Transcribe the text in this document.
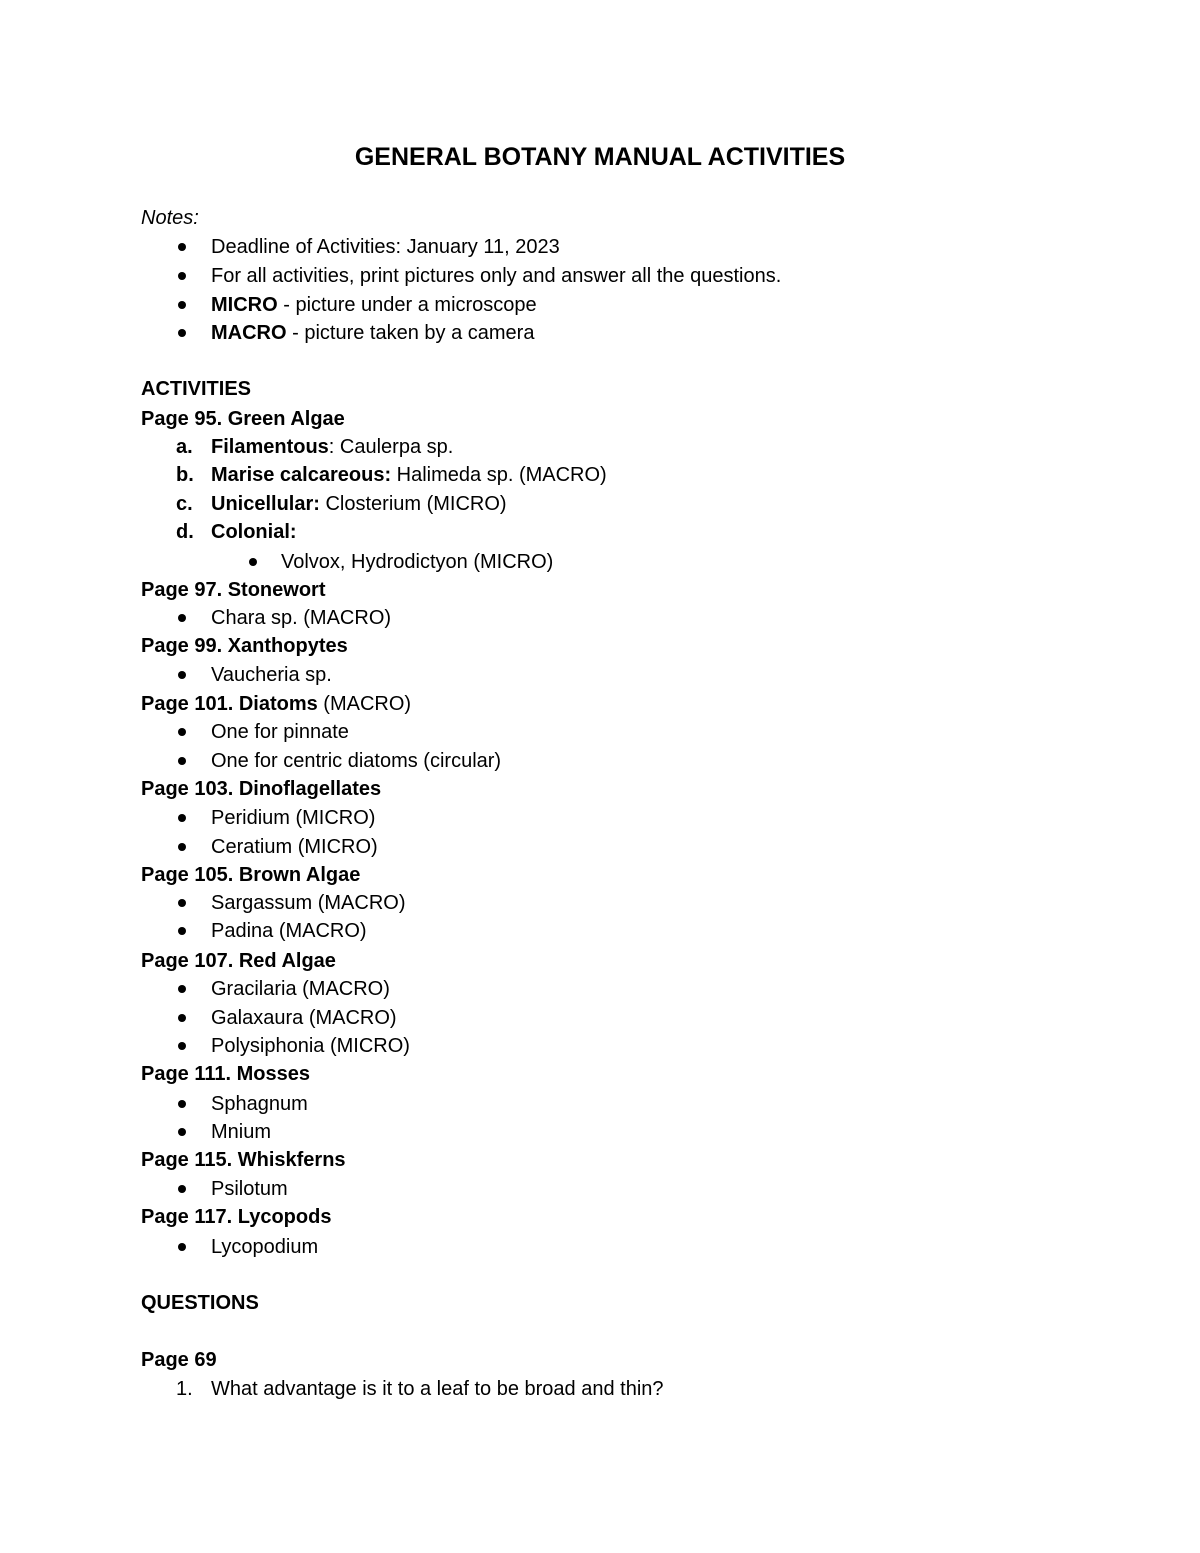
GENERAL BOTANY MANUAL ACTIVITIES
Notes:
Deadline of Activities: January 11, 2023
For all activities, print pictures only and answer all the questions.
MICRO - picture under a microscope
MACRO - picture taken by a camera
ACTIVITIES
Page 95. Green Algae
a. Filamentous: Caulerpa sp.
b. Marise calcareous: Halimeda sp. (MACRO)
c. Unicellular: Closterium (MICRO)
d. Colonial:
Volvox, Hydrodictyon (MICRO)
Page 97. Stonewort
Chara sp. (MACRO)
Page 99. Xanthopytes
Vaucheria sp.
Page 101. Diatoms (MACRO)
One for pinnate
One for centric diatoms (circular)
Page 103. Dinoflagellates
Peridium (MICRO)
Ceratium (MICRO)
Page 105. Brown Algae
Sargassum (MACRO)
Padina (MACRO)
Page 107. Red Algae
Gracilaria (MACRO)
Galaxaura (MACRO)
Polysiphonia (MICRO)
Page 111. Mosses
Sphagnum
Mnium
Page 115. Whiskferns
Psilotum
Page 117. Lycopods
Lycopodium
QUESTIONS
Page 69
1. What advantage is it to a leaf to be broad and thin?
